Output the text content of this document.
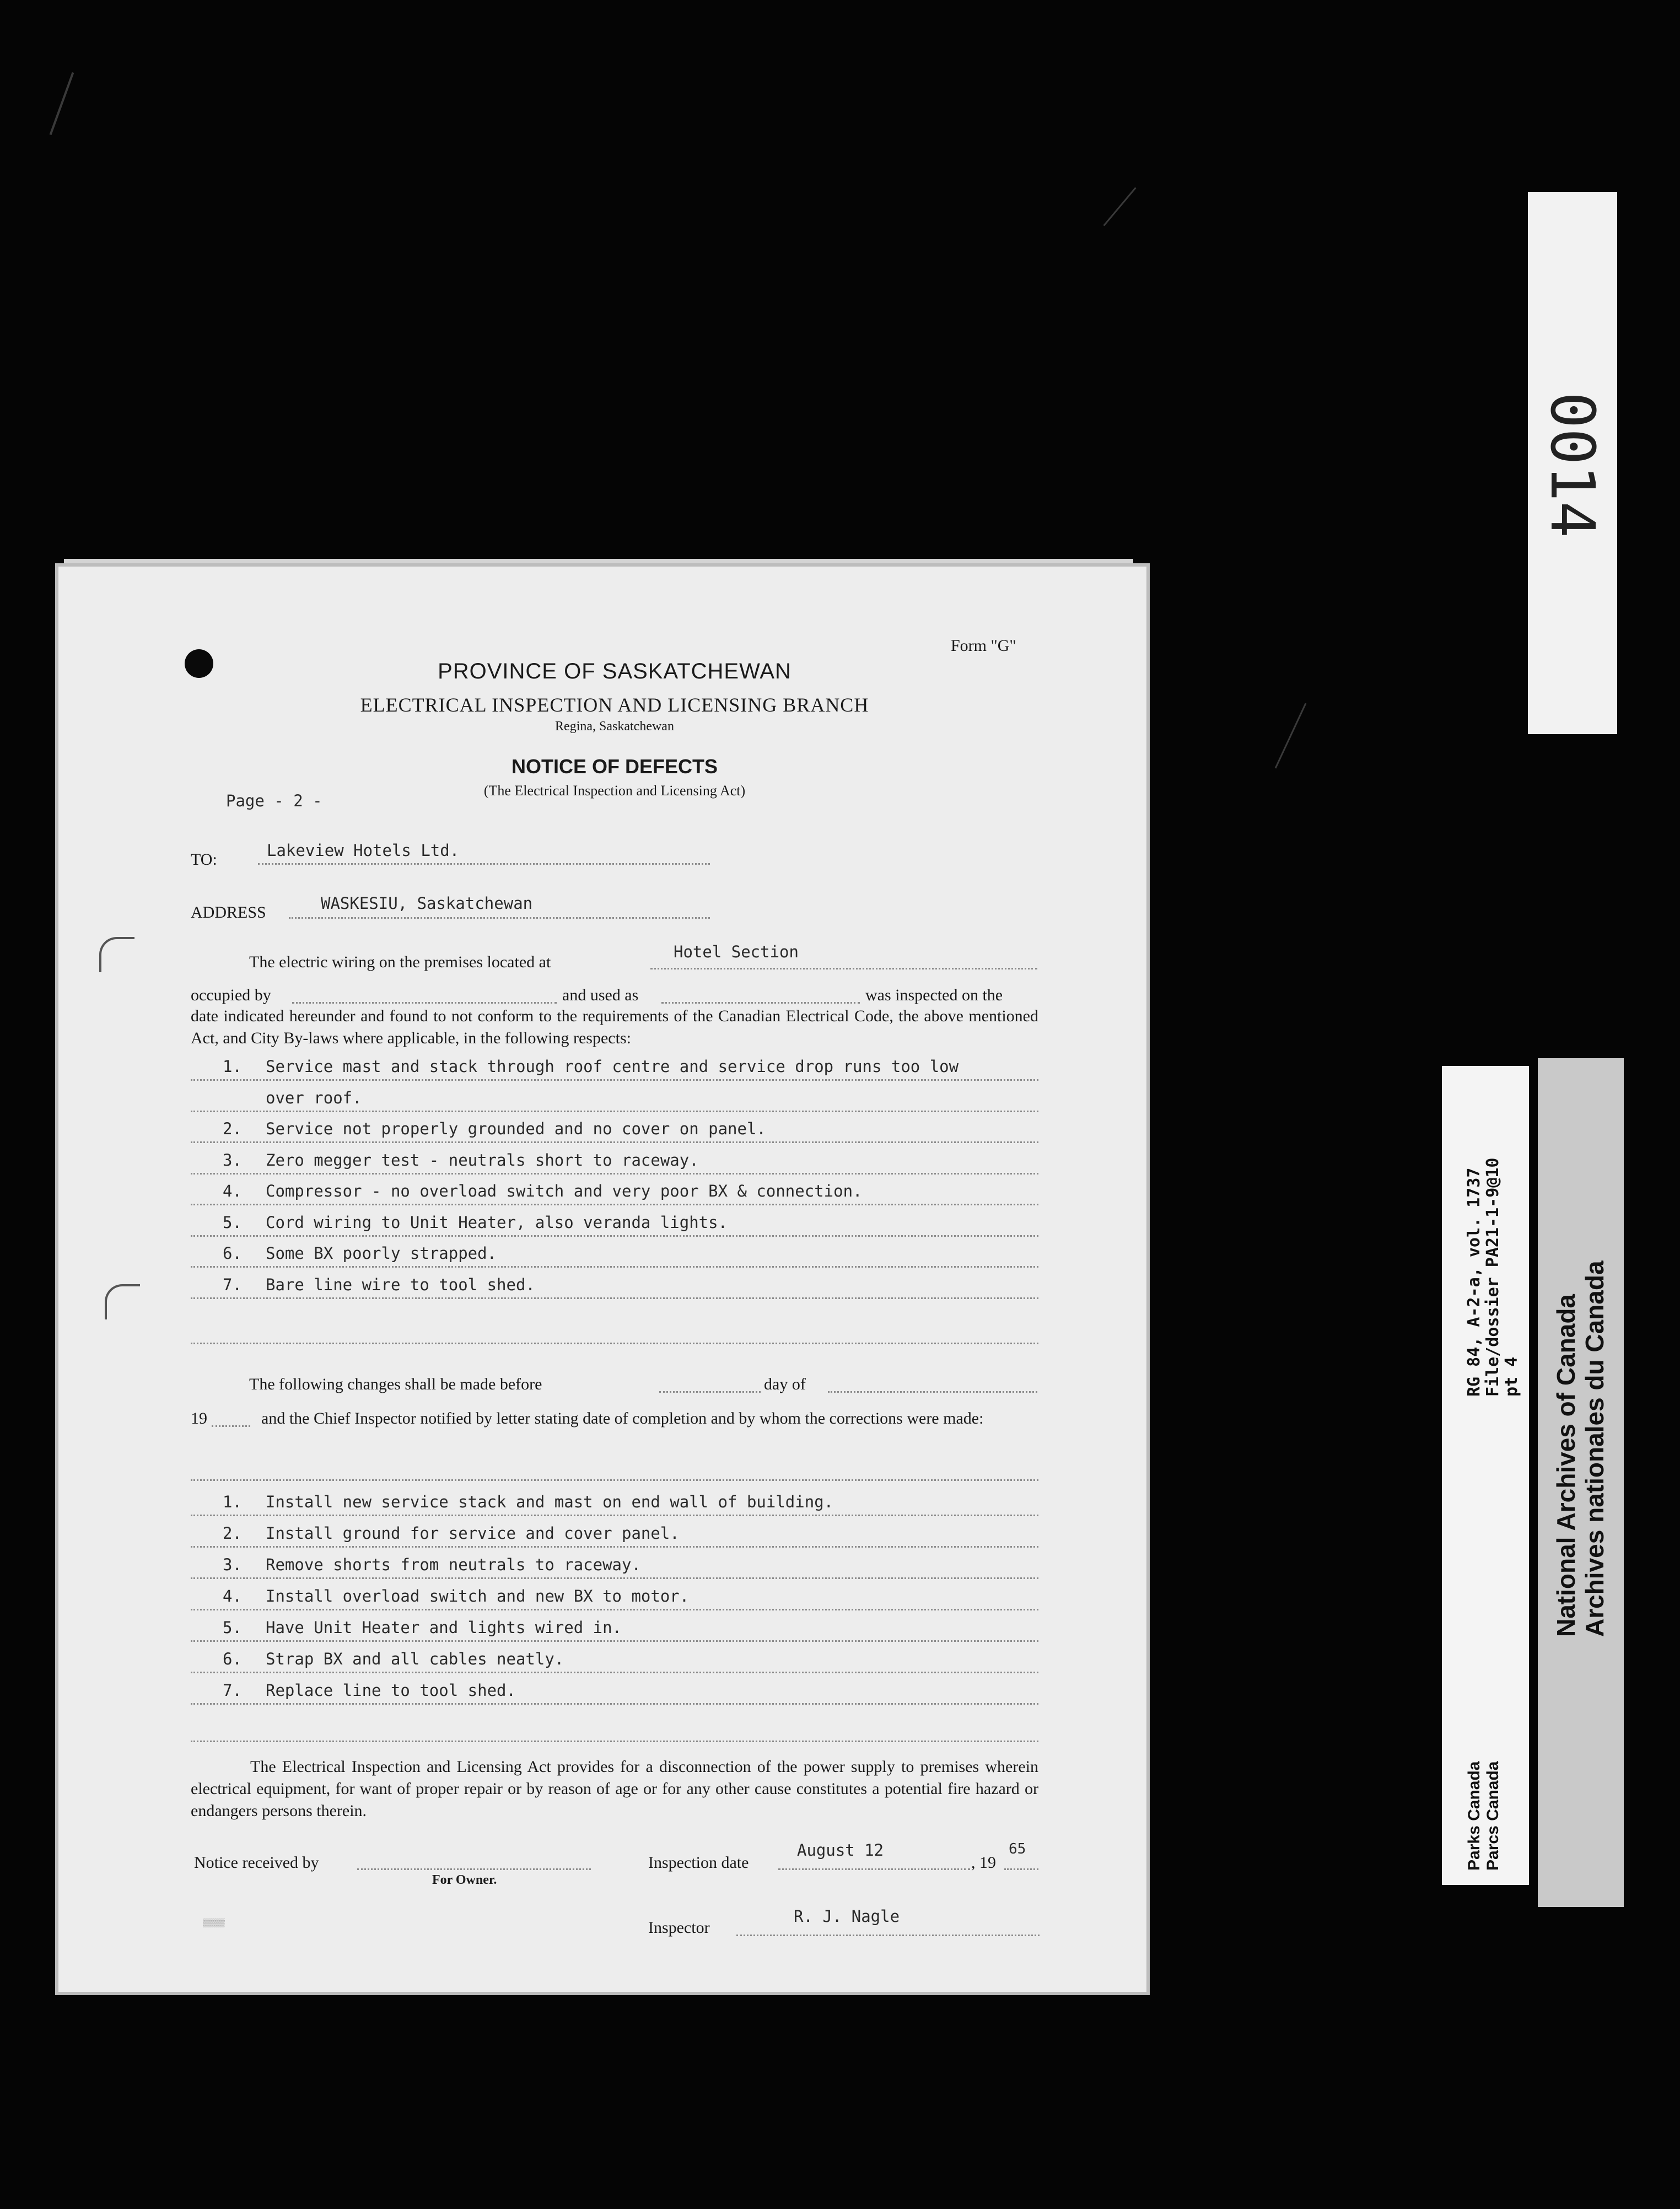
0014
RG 84, A-2-a, vol. 1737 File/dossier PA21-1-9@10 pt 4
Parks Canada Parcs Canada
National Archives of Canada Archives nationales du Canada
Form "G"
PROVINCE OF SASKATCHEWAN
ELECTRICAL INSPECTION AND LICENSING BRANCH
Regina, Saskatchewan
NOTICE OF DEFECTS
(The Electrical Inspection and Licensing Act)
Page - 2 -
TO:	Lakeview Hotels Ltd.
ADDRESS	WASKESIU, Saskatchewan
The electric wiring on the premises located at
Hotel Section
occupied by	and used as	was inspected on the
date indicated hereunder and found to not conform to the requirements of the Canadian Electrical Code, the above mentioned Act, and City By-laws where applicable, in the following respects:
1. Service mast and stack through roof centre and service drop runs too low
over roof.
2. Service not properly grounded and no cover on panel.
3. Zero megger test - neutrals short to raceway.
4. Compressor - no overload switch and very poor BX & connection.
5. Cord wiring to Unit Heater, also veranda lights.
6. Some BX poorly strapped.
7. Bare line wire to tool shed.
The following changes shall be made before	day of
19	and the Chief Inspector notified by letter stating date of completion and by whom the corrections were made:
1. Install new service stack and mast on end wall of building.
2. Install ground for service and cover panel.
3. Remove shorts from neutrals to raceway.
4. Install overload switch and new BX to motor.
5. Have Unit Heater and lights wired in.
6. Strap BX and all cables neatly.
7. Replace line to tool shed.
The Electrical Inspection and Licensing Act provides for a disconnection of the power supply to premises wherein electrical equipment, for want of proper repair or by reason of age or for any other cause constitutes a potential fire hazard or endangers persons therein.
Notice received by
For Owner.
Inspection date
August 12
, 19
65
Inspector
R. J. Nagle
▒▒▒▒
